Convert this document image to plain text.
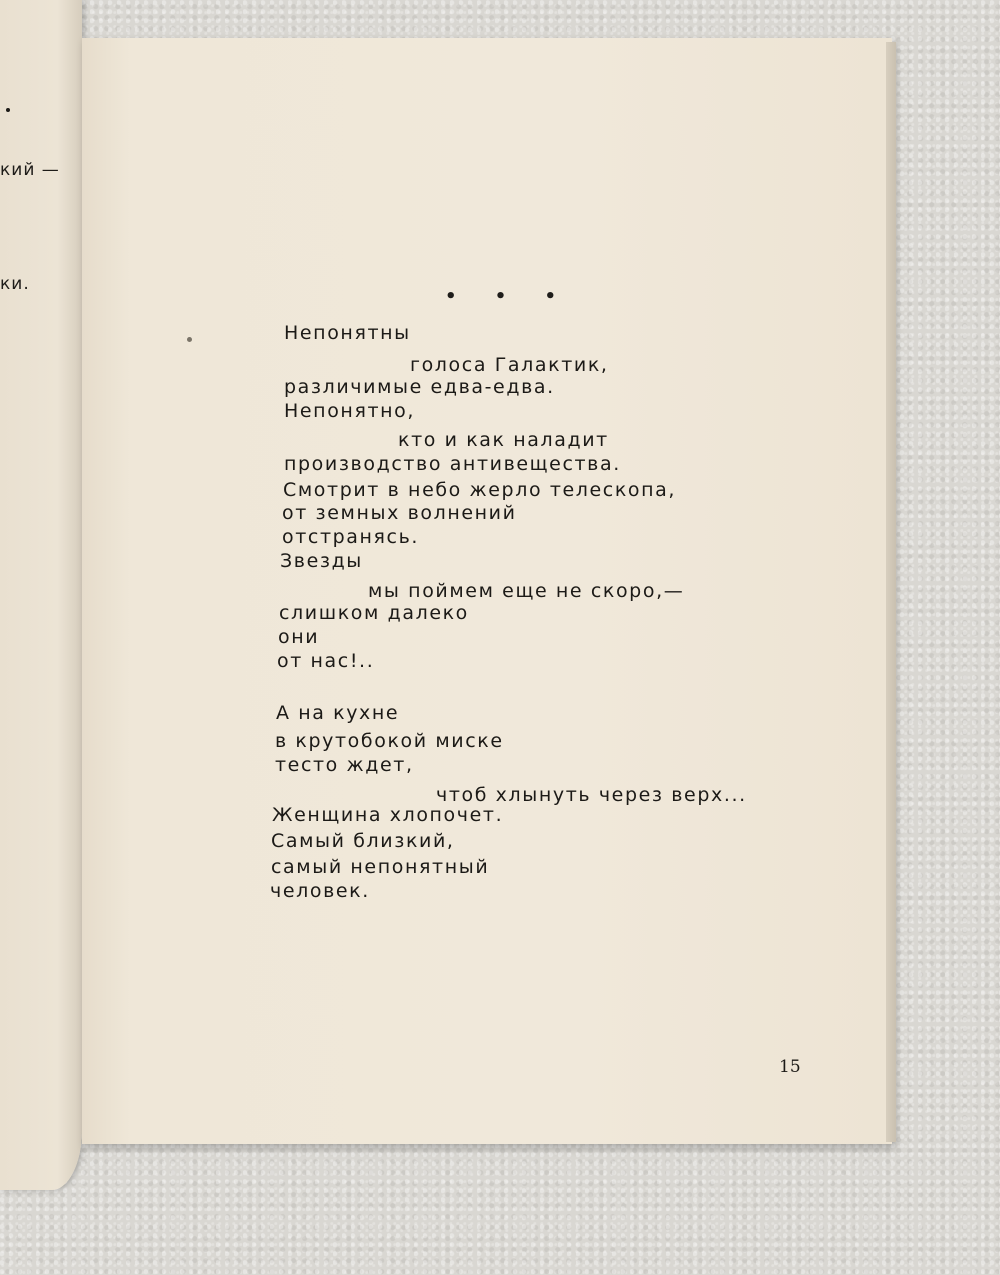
кий —
ки.
• • •
Непонятны
голоса Галактик,
различимые едва-едва.
Непонятно,
кто и как наладит
производство антивещества.
Смотрит в небо жерло телескопа,
от земных волнений
отстранясь.
Звезды
мы поймем еще не скоро,—
слишком далеко
они
от нас!..
А на кухне
в крутобокой миске
тесто ждет,
чтоб хлынуть через верх...
Женщина хлопочет.
Самый близкий,
самый непонятный
человек.
15
